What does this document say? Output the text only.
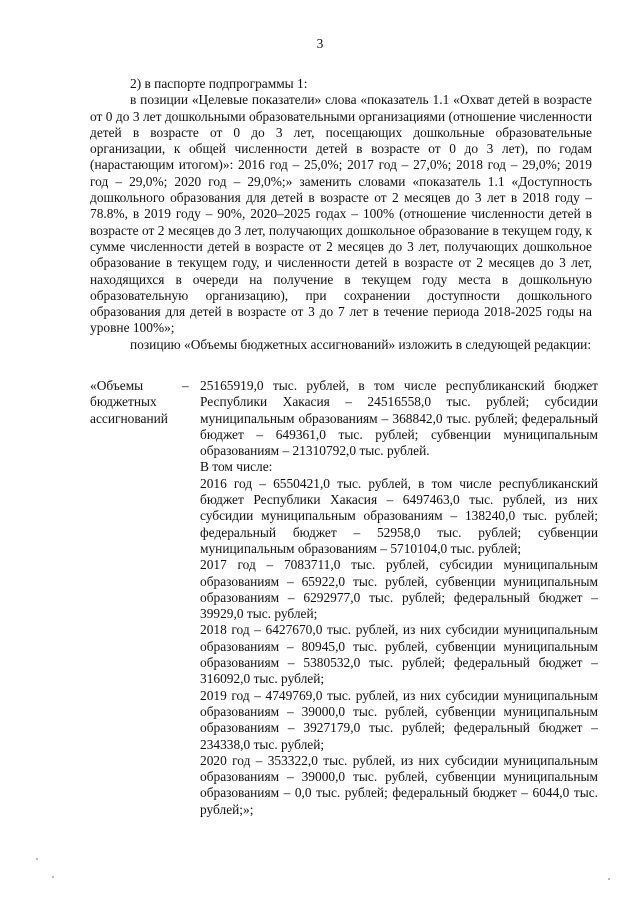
3

2) в паспорте подпрограммы 1:

в позиции «Целевые показатели» слова «показатель 1.1 «Охват детей в возрасте от 0 до 3 лет дошкольными образовательными организациями (отношение численности детей в возрасте от 0 до 3 лет, посещающих дошкольные образовательные организации, к общей численности детей в возрасте от 0 до 3 лет), по годам (нарастающим итогом)»: 2016 год – 25,0%; 2017 год – 27,0%; 2018 год – 29,0%; 2019 год – 29,0%; 2020 год – 29,0%;» заменить словами «показатель 1.1 «Доступность дошкольного образования для детей в возрасте от 2 месяцев до 3 лет в 2018 году – 78.8%, в 2019 году – 90%, 2020–2025 годах – 100% (отношение численности детей в возрасте от 2 месяцев до 3 лет, получающих дошкольное образование в текущем году, к сумме численности детей в возрасте от 2 месяцев до 3 лет, получающих дошкольное образование в текущем году, и численности детей в возрасте от 2 месяцев до 3 лет, находящихся в очереди на получение в текущем году места в дошкольную образовательную организацию), при сохранении доступности дошкольного образования для детей в возрасте от 3 до 7 лет в течение периода 2018-2025 годы на уровне 100%»;

позицию «Объемы бюджетных ассигнований» изложить в следующей редакции:

«Объемы бюджетных ассигнований
– 25165919,0 тыс. рублей, в том числе республиканский бюджет Республики Хакасия – 24516558,0 тыс. рублей; субсидии муниципальным образованиям – 368842,0 тыс. рублей; федеральный бюджет – 649361,0 тыс. рублей; субвенции муниципальным образованиям – 21310792,0 тыс. рублей.

В том числе:

2016 год – 6550421,0 тыс. рублей, в том числе республиканский бюджет Республики Хакасия – 6497463,0 тыс. рублей, из них субсидии муниципальным образованиям – 138240,0 тыс. рублей; федеральный бюджет – 52958,0 тыс. рублей; субвенции муниципальным образованиям – 5710104,0 тыс. рублей;

2017 год – 7083711,0 тыс. рублей, субсидии муниципальным образованиям – 65922,0 тыс. рублей, субвенции муниципальным образованиям – 6292977,0 тыс. рублей; федеральный бюджет – 39929,0 тыс. рублей;

2018 год – 6427670,0 тыс. рублей, из них субсидии муниципальным образованиям – 80945,0 тыс. рублей, субвенции муниципальным образованиям – 5380532,0 тыс. рублей; федеральный бюджет – 316092,0 тыс. рублей;

2019 год – 4749769,0 тыс. рублей, из них субсидии муниципальным образованиям – 39000,0 тыс. рублей, субвенции муниципальным образованиям – 3927179,0 тыс. рублей; федеральный бюджет – 234338,0 тыс. рублей;

2020 год – 353322,0 тыс. рублей, из них субсидии муниципальным образованиям – 39000,0 тыс. рублей, субвенции муниципальным образованиям – 0,0 тыс. рублей; федеральный бюджет – 6044,0 тыс. рублей;»;
